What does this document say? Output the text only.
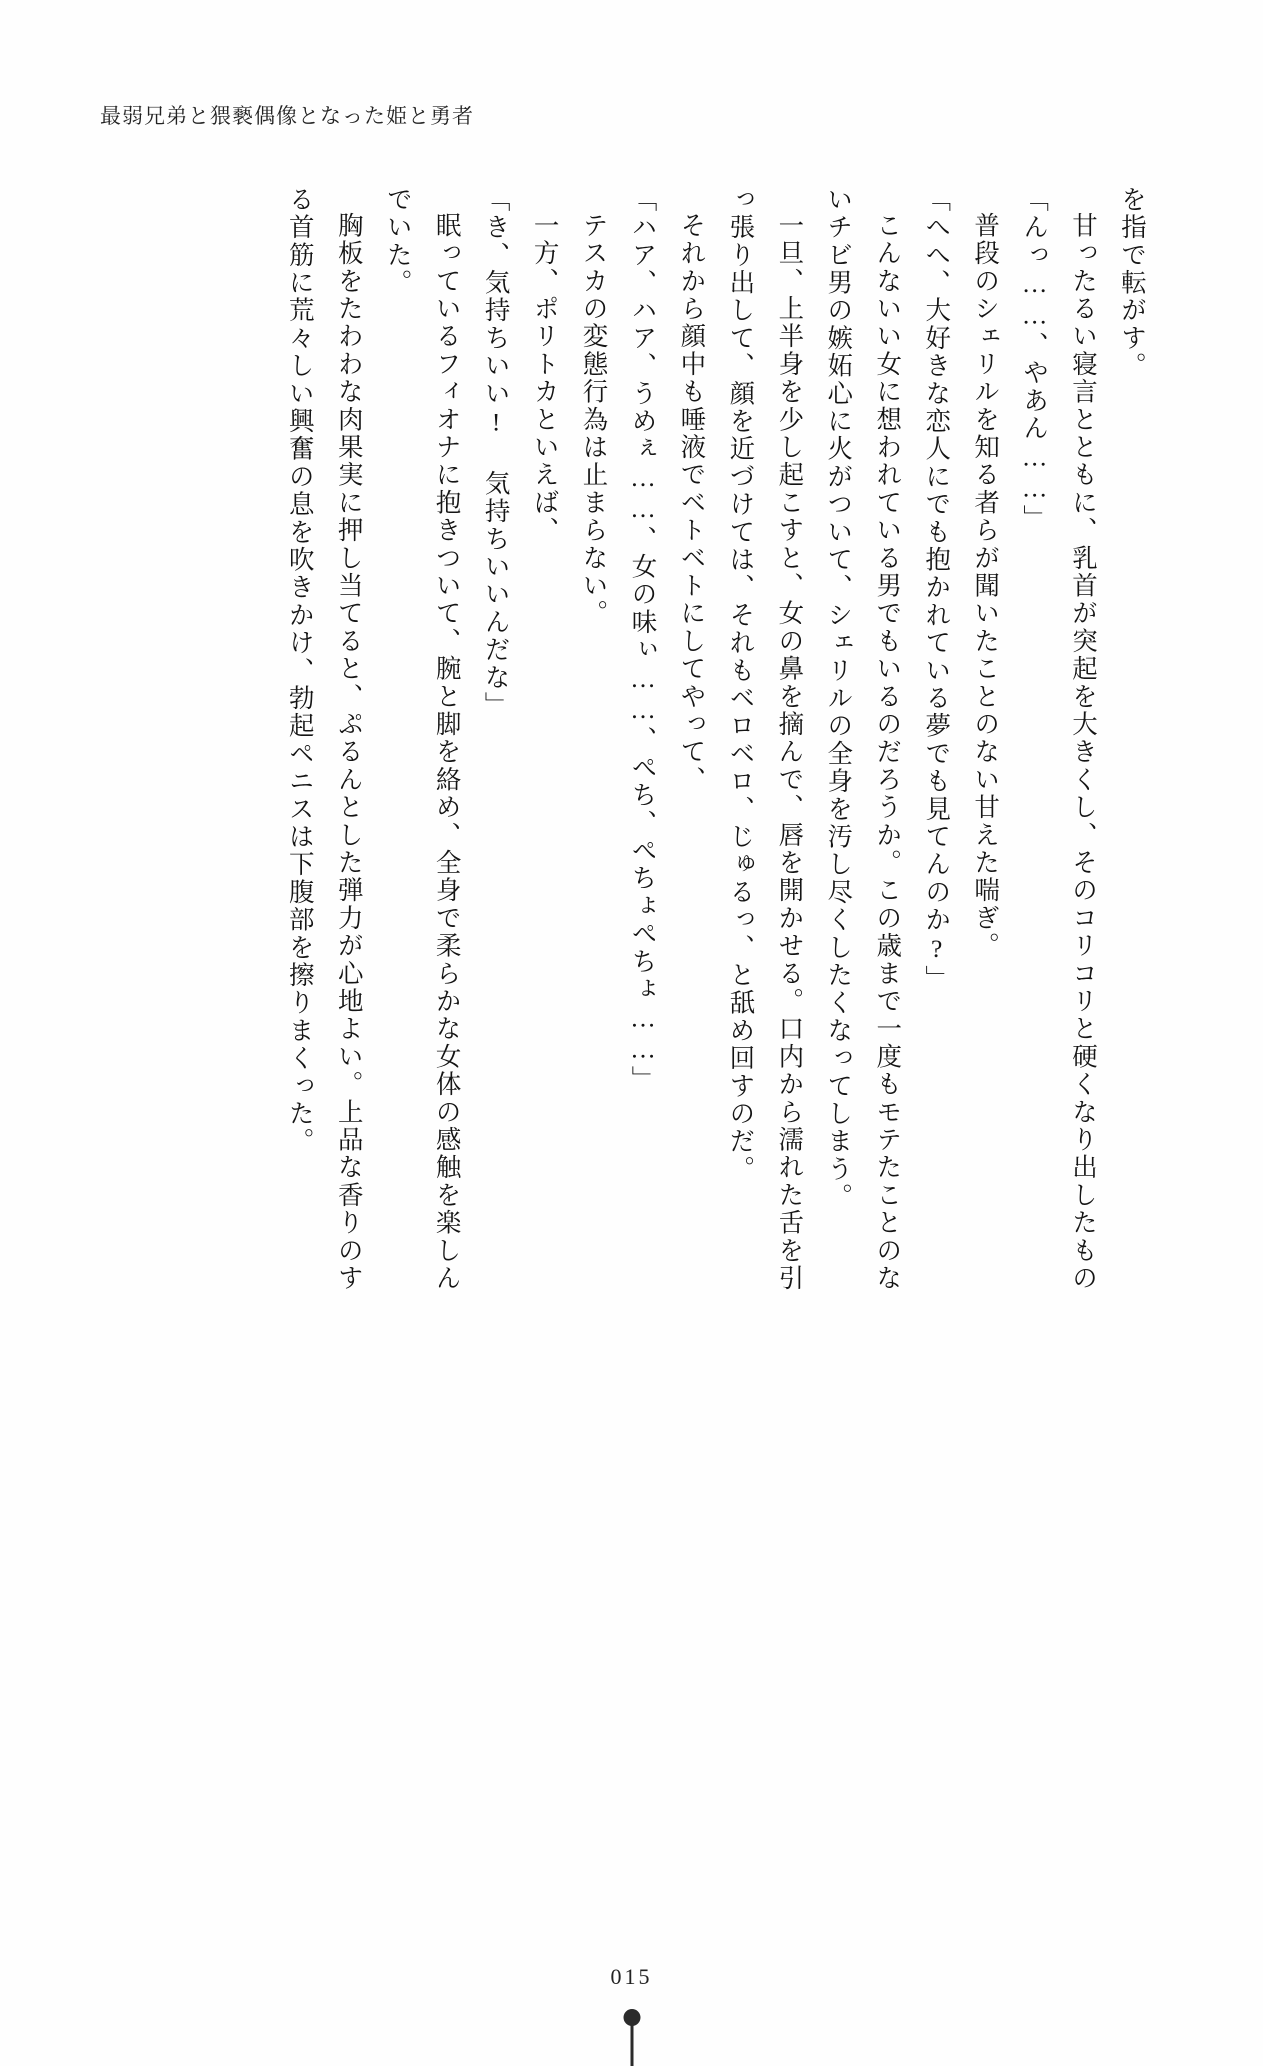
最弱兄弟と猥褻偶像となった姫と勇者

を指で転がす。

甘ったるい寝言とともに、乳首が突起を大きくし、そのコリコリと硬くなり出したもの

「んっ……、やあん……」

普段のシェリルを知る者らが聞いたことのない甘えた喘ぎ。

「へへ、大好きな恋人にでも抱かれている夢でも見てんのか?」

こんないい女に想われている男でもいるのだろうか。この歳まで一度もモテたことのな

いチビ男の嫉妬心に火がついて、シェリルの全身を汚し尽くしたくなってしまう。

一旦、上半身を少し起こすと、女の鼻を摘んで、唇を開かせる。口内から濡れた舌を引

っ張り出して、顔を近づけては、それもベロベロ、じゅるっ、と舐め回すのだ。

それから顔中も唾液でベトベトにしてやって、

「ハア、ハア、うめぇ……、女の味ぃ……、ぺち、ぺちょぺちょ……」

テスカの変態行為は止まらない。

一方、ポリトカといえば、

「き、気持ちいい! 気持ちいいんだな」

眠っているフィオナに抱きついて、腕と脚を絡め、全身で柔らかな女体の感触を楽しん

でいた。

胸板をたわわな肉果実に押し当てると、ぷるんとした弾力が心地よい。上品な香りのす

る首筋に荒々しい興奮の息を吹きかけ、勃起ペニスは下腹部を擦りまくった。

015
